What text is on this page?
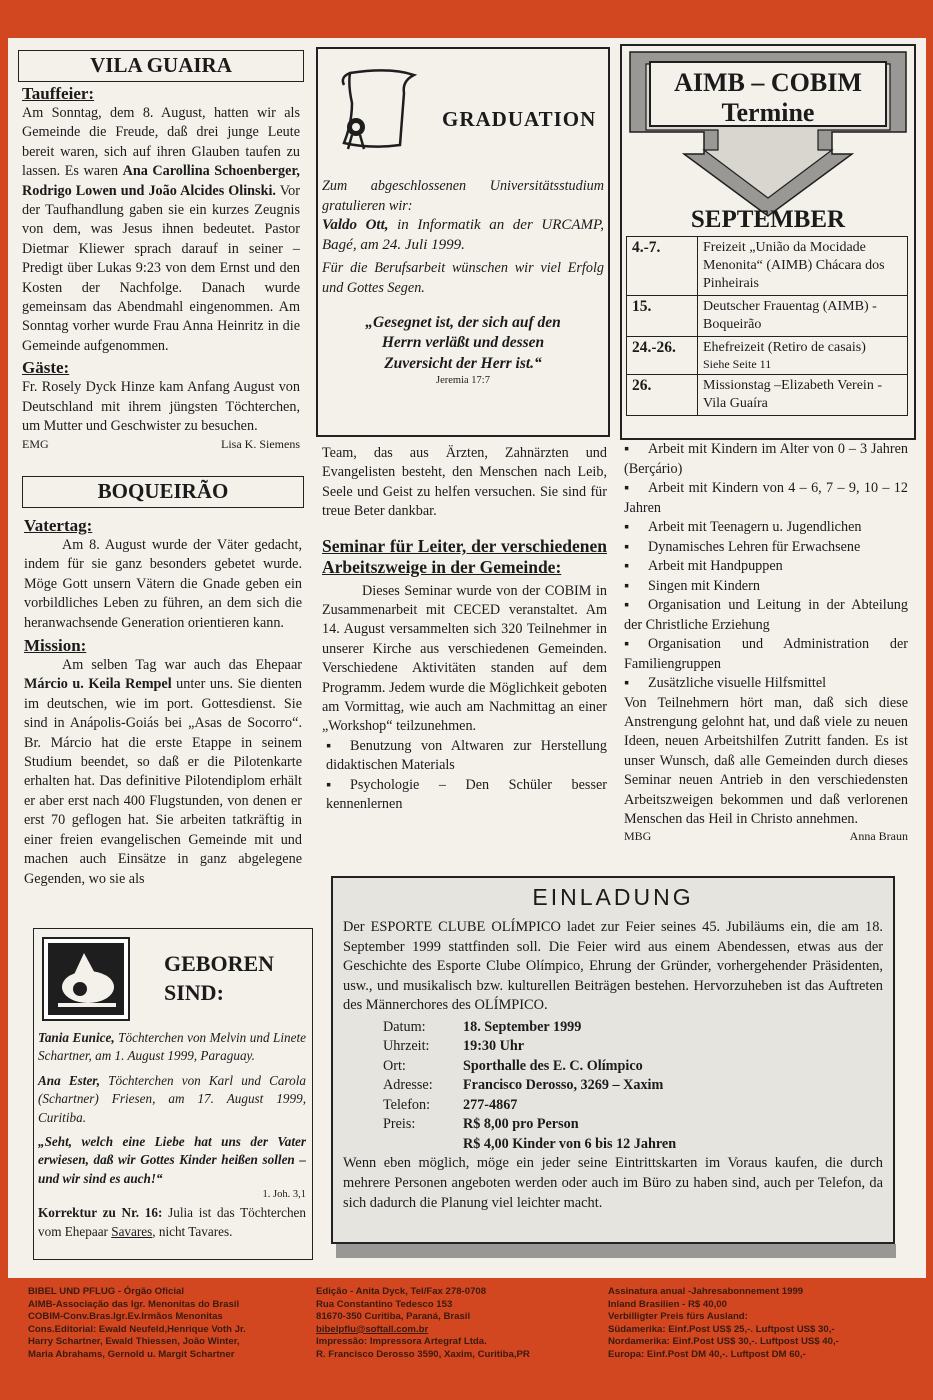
VILA GUAIRA

Tauffeier:

Am Sonntag, dem 8. August, hatten wir als Gemeinde die Freude, daß drei junge Leute bereit waren, sich auf ihren Glauben taufen zu lassen. Es waren Ana Carollina Schoenberger, Rodrigo Lowen und João Alcides Olinski. Vor der Taufhandlung gaben sie ein kurzes Zeugnis von dem, was Jesus ihnen bedeutet. Pastor Dietmar Kliewer sprach darauf in seiner –Predigt über Lukas 9:23 von dem Ernst und den Kosten der Nachfolge. Danach wurde gemeinsam das Abendmahl eingenommen. Am Sonntag vorher wurde Frau Anna Heinritz in die Gemeinde aufgenommen.

Gäste:

Fr. Rosely Dyck Hinze kam Anfang August von Deutschland mit ihrem jüngsten Töchterchen, um Mutter und Geschwister zu besuchen.

EMG	Lisa K. Siemens
BOQUEIRÃO

Vatertag:

Am 8. August wurde der Väter gedacht, indem für sie ganz besonders gebetet wurde. Möge Gott unsern Vätern die Gnade geben ein vorbildliches Leben zu führen, an dem sich die heranwachsende Generation orientieren kann.

Mission:

Am selben Tag war auch das Ehepaar Márcio u. Keila Rempel unter uns. Sie dienten im deutschen, wie im port. Gottesdienst. Sie sind in Anápolis-Goiás bei „Asas de Socorro“. Br. Márcio hat die erste Etappe in seinem Studium beendet, so daß er die Pilotenkarte erhalten hat. Das definitive Pilotendiplom erhält er aber erst nach 400 Flugstunden, von denen er erst 70 geflogen hat. Sie arbeiten tatkräftig in einer freien evangelischen Gemeinde mit und machen auch Einsätze in ganz abgelegene Gegenden, wo sie als

GEBOREN
SIND:

Tania Eunice, Töchterchen von Melvin und Linete Schartner, am 1. August 1999, Paraguay.

Ana Ester, Töchterchen von Karl und Carola (Schartner) Friesen, am 17. August 1999, Curitiba.

„Seht, welch eine Liebe hat uns der Vater erwiesen, daß wir Gottes Kinder heißen sollen – und wir sind es auch!“

1. Joh. 3,1

Korrektur zu Nr. 16: Julia ist das Töchterchen vom Ehepaar Savares, nicht Tavares.

GRADUATION

Zum abgeschlossenen Universitätsstudium gratulieren wir:

Valdo Ott, in Informatik an der URCAMP, Bagé, am 24. Juli 1999.

Für die Berufsarbeit wünschen wir viel Erfolg und Gottes Segen.

„Gesegnet ist, der sich auf den Herrn verläßt und dessen Zuversicht der Herr ist.“

Jeremia 17:7

Team, das aus Ärzten, Zahnärzten und Evangelisten besteht, den Menschen nach Leib, Seele und Geist zu helfen versuchen. Sie sind für treue Beter dankbar.

Seminar für Leiter, der verschiedenen Arbeitszweige in der Gemeinde:

Dieses Seminar wurde von der COBIM in Zusammenarbeit mit CECED veranstaltet. Am 14. August versammelten sich 320 Teilnehmer in unserer Kirche aus verschiedenen Gemeinden. Verschiedene Aktivitäten standen auf dem Programm. Jedem wurde die Möglichkeit geboten am Vormittag, wie auch am Nachmittag an einer „Workshop“ teilzunehmen.

▪ Benutzung von Altwaren zur Herstellung didaktischen Materials

▪ Psychologie – Den Schüler besser kennenlernen

AIMB – COBIM
Termine
SEPTEMBER
4.-7.	Freizeit „União da Mocidade Menonita“ (AIMB) Chácara dos Pinheirais
15.	Deutscher Frauentag (AIMB) - Boqueirão
24.-26.	Ehefreizeit (Retiro de casais)
Siehe Seite 11

26.	Missionstag –Elizabeth Verein - Vila Guaíra

▪ Arbeit mit Kindern im Alter von 0 – 3 Jahren (Berçário)

▪ Arbeit mit Kindern von 4 – 6, 7 – 9, 10 – 12 Jahren

▪ Arbeit mit Teenagern u. Jugendlichen

▪ Dynamisches Lehren für Erwachsene

▪ Arbeit mit Handpuppen

▪ Singen mit Kindern

▪ Organisation und Leitung in der Abteilung der Christliche Erziehung

▪ Organisation und Administration der Familiengruppen

▪ Zusätzliche visuelle Hilfsmittel

Von Teilnehmern hört man, daß sich diese Anstrengung gelohnt hat, und daß viele zu neuen Ideen, neuen Arbeitshilfen Zutritt fanden. Es ist unser Wunsch, daß alle Gemeinden durch dieses Seminar neuen Antrieb in den verschiedensten Arbeitszweigen bekommen und daß verlorenen Menschen das Heil in Christo annehmen.

MBG	Anna Braun
EINLADUNG

Der ESPORTE CLUBE OLÍMPICO ladet zur Feier seines 45. Jubiläums ein, die am 18. September 1999 stattfinden soll. Die Feier wird aus einem Abendessen, etwas aus der Geschichte des Esporte Clube Olímpico, Ehrung der Gründer, vorhergehender Präsidenten, usw., und musikalisch bzw. kulturellen Beiträgen bestehen. Hervorzuheben ist das Auftreten des Männerchores des OLÍMPICO.

Datum:	18. September 1999
Uhrzeit:	19:30 Uhr
Ort:	Sporthalle des E. C. Olímpico
Adresse:	Francisco Derosso, 3269 – Xaxim
Telefon:	277-4867
Preis:	R$ 8,00 pro Person
R$ 4,00 Kinder von 6 bis 12 Jahren

Wenn eben möglich, möge ein jeder seine Eintrittskarten im Voraus kaufen, die durch mehrere Personen angeboten werden oder auch im Büro zu haben sind, auch per Telefon, da sich dadurch die Planung viel leichter macht.

BIBEL UND PFLUG - Órgão Oficial
AIMB-Associação das Igr. Menonitas do Brasil
COBIM-Conv.Bras.Igr.Ev.Irmãos Menonitas
Cons.Editorial: Ewald Neufeld,Henrique Voth Jr.
Harry Schartner, Ewald Thiessen, João Winter,
Maria Abrahams, Gernold u. Margit Schartner
Edição - Anita Dyck, Tel/Fax 278-0708
Rua Constantino Tedesco 153
81670-350 Curitiba, Paraná, Brasil
bibelpflu@softall.com.br
Impressão: Impressora Artegraf Ltda.
R. Francisco Derosso 3590, Xaxim, Curitiba,PR
Assinatura anual -Jahresabonnement 1999
Inland Brasilien - R$ 40,00
Verbilligter Preis fürs Ausland:
Südamerika: Einf.Post US$ 25,-. Luftpost US$ 30,-
Nordamerika: Einf.Post US$ 30,-. Luftpost US$ 40,-
Europa: Einf.Post DM 40,-. Luftpost DM 60,-
